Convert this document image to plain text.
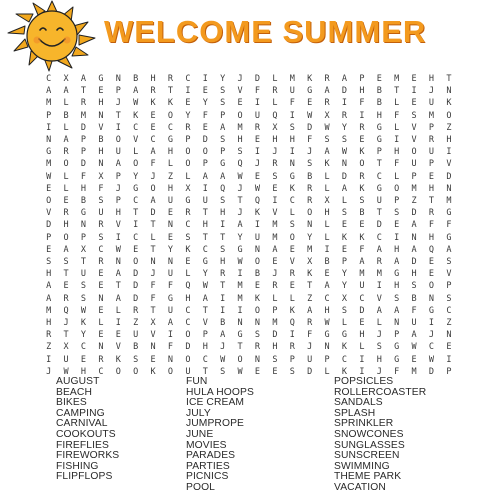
WELCOME SUMMER
C	X	A	G	N	B	H	R	C	I	Y	J	D	L	M	K	R	A	P	E	M	E	H	T
A	A	T	E	P	A	R	T	I	E	S	V	F	R	U	G	A	D	H	B	T	I	J	N
M	L	R	H	J	W	K	K	E	Y	S	E	I	L	F	E	R	I	F	B	L	E	U	K
P	B	M	N	T	K	E	O	Y	F	P	O	U	Q	I	W	X	R	I	H	F	S	M	O
I	L	D	V	I	C	E	C	R	E	A	M	R	X	S	D	W	Y	R	G	L	V	P	Z
N	A	P	B	O	V	C	G	P	D	S	H	E	H	H	F	S	S	E	G	I	V	R	H
G	R	P	H	U	L	A	H	O	O	P	S	I	J	I	J	A	W	K	P	H	O	U	I
M	O	D	N	A	O	F	L	O	P	G	Q	J	R	N	S	K	N	O	T	F	U	P	V
W	L	F	X	P	Y	J	Z	L	A	A	W	E	S	G	B	L	D	R	C	L	P	E	D
E	L	H	F	J	G	O	H	X	I	Q	J	W	E	K	R	L	A	K	G	O	M	H	N
O	E	B	S	P	C	A	U	G	U	S	T	Q	I	C	R	X	L	S	U	P	Z	T	M
V	R	G	U	H	T	D	E	R	T	H	J	K	V	L	O	H	S	B	T	S	D	R	G
D	H	N	R	V	I	T	N	C	H	I	A	I	M	S	N	L	E	E	D	E	A	F	F
P	O	P	S	I	C	L	E	S	T	T	Y	U	M	O	Y	L	K	K	C	I	N	H	G
E	A	X	C	W	E	T	Y	K	C	S	G	N	A	E	M	I	E	F	A	H	A	Q	A
S	S	T	R	N	O	N	N	E	G	H	W	O	E	V	X	B	P	A	R	A	D	E	S
H	T	U	E	A	D	J	U	L	Y	R	I	B	J	R	K	E	Y	M	M	G	H	E	V
A	E	S	E	T	D	F	F	Q	W	T	M	E	R	E	T	A	Y	U	I	H	S	O	P
A	R	S	N	A	D	F	G	H	A	I	M	K	L	L	Z	C	X	C	V	S	B	N	S
M	Q	W	E	L	R	T	U	C	T	I	I	O	P	K	A	H	S	D	A	A	F	G	C
H	J	K	L	I	Z	X	A	C	V	B	N	N	M	Q	R	W	L	E	L	N	U	I	Z
R	T	Y	E	E	U	V	I	O	P	A	G	S	D	I	F	G	G	H	J	P	A	J	N
Z	X	C	N	V	B	N	F	D	H	J	T	R	H	R	J	N	K	L	S	G	W	C	E
I	U	E	R	K	S	E	N	O	C	W	O	N	S	P	U	P	C	I	H	G	E	W	I
J	W	H	C	O	O	K	O	U	T	S	W	E	E	S	D	L	K	I	J	F	M	D	P
AUGUST
BEACH
BIKES
CAMPING
CARNIVAL
COOKOUTS
FIREFLIES
FIREWORKS
FISHING
FLIPFLOPS
FUN
HULA HOOPS
ICE CREAM
JULY
JUMPROPE
JUNE
MOVIES
PARADES
PARTIES
PICNICS
POOL
POPSICLES
ROLLERCOASTER
SANDALS
SPLASH
SPRINKLER
SNOWCONES
SUNGLASSES
SUNSCREEN
SWIMMING
THEME PARK
VACATION
